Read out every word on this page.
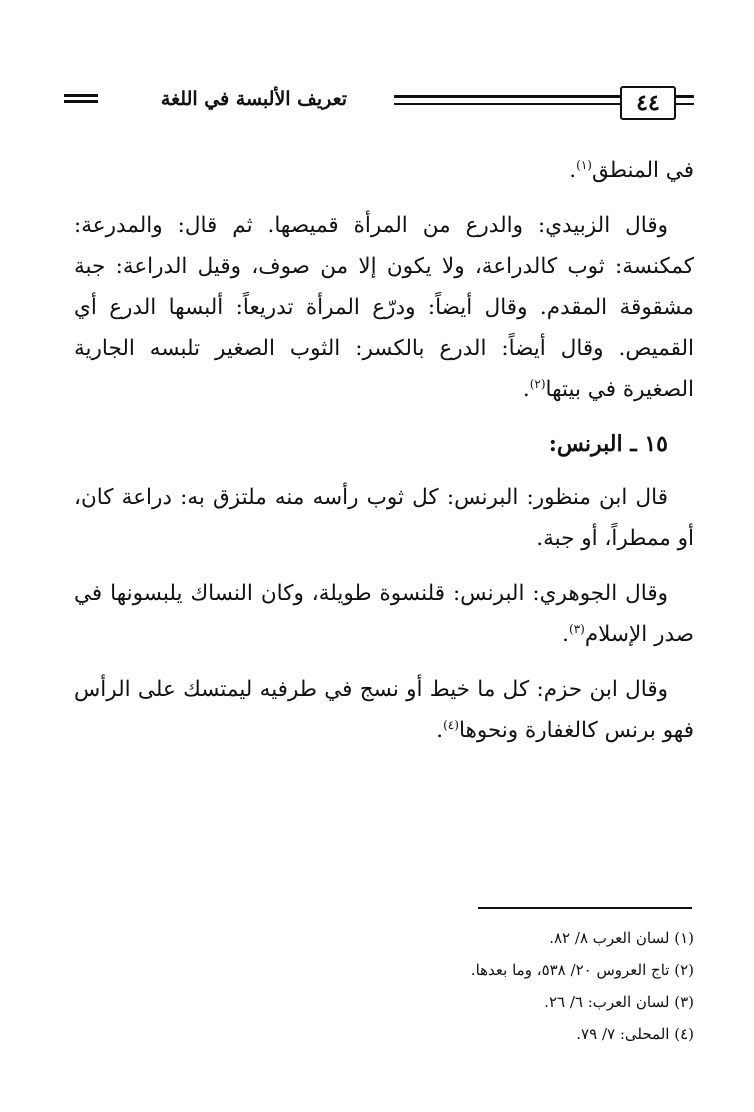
تعريف الألبسة في اللغة	٤٤

في المنطق$^{(١)}$.

وقال الزبيدي: والدرع من المرأة قميصها. ثم قال: والمدرعة: كمكنسة: ثوب كالدراعة، ولا يكون إلا من صوف، وقيل الدراعة: جبة مشقوقة المقدم. وقال أيضاً: ودرّع المرأة تدريعاً: ألبسها الدرع أي القميص. وقال أيضاً: الدرع بالكسر: الثوب الصغير تلبسه الجارية الصغيرة في بيتها$^{(٢)}$.

١٥ ـ البرنس:

قال ابن منظور: البرنس: كل ثوب رأسه منه ملتزق به: دراعة كان، أو ممطراً، أو جبة.

وقال الجوهري: البرنس: قلنسوة طويلة، وكان النساك يلبسونها في صدر الإسلام$^{(٣)}$.

وقال ابن حزم: كل ما خيط أو نسج في طرفيه ليمتسك على الرأس فهو برنس كالغفارة ونحوها$^{(٤)}$.

(١) لسان العرب ٨/ ٨٢.
(٢) تاج العروس ٢٠/ ٥٣٨، وما بعدها.
(٣) لسان العرب: ٦/ ٢٦.
(٤) المحلى: ٧/ ٧٩.
